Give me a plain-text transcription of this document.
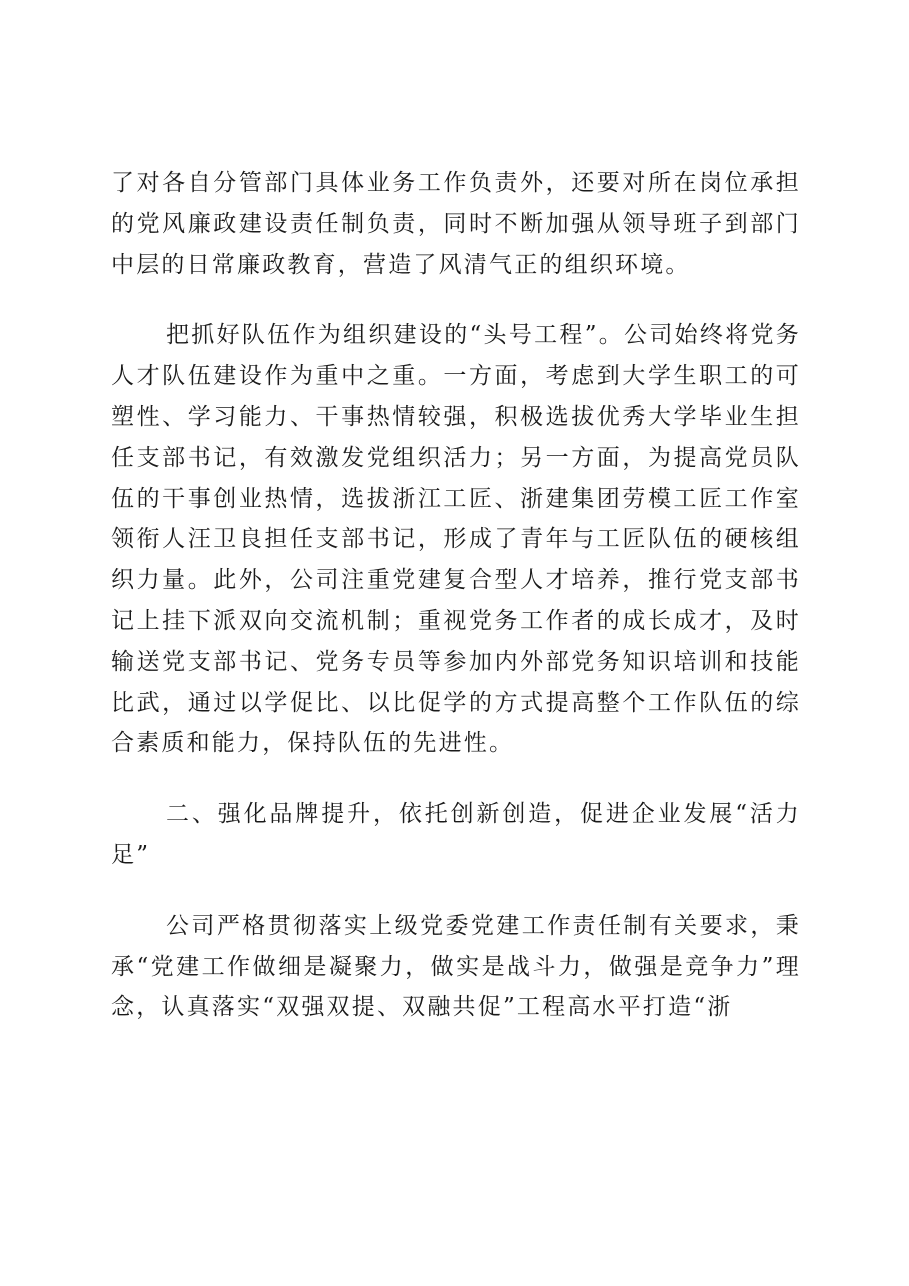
了对各自分管部门具体业务工作负责外，还要对所在岗位承担的党风廉政建设责任制负责，同时不断加强从领导班子到部门中层的日常廉政教育，营造了风清气正的组织环境。

把抓好队伍作为组织建设的“头号工程”。公司始终将党务人才队伍建设作为重中之重。一方面，考虑到大学生职工的可塑性、学习能力、干事热情较强，积极选拔优秀大学毕业生担任支部书记，有效激发党组织活力；另一方面，为提高党员队伍的干事创业热情，选拔浙江工匠、浙建集团劳模工匠工作室领衔人汪卫良担任支部书记，形成了青年与工匠队伍的硬核组织力量。此外，公司注重党建复合型人才培养，推行党支部书记上挂下派双向交流机制；重视党务工作者的成长成才，及时输送党支部书记、党务专员等参加内外部党务知识培训和技能比武，通过以学促比、以比促学的方式提高整个工作队伍的综合素质和能力，保持队伍的先进性。

二、强化品牌提升，依托创新创造，促进企业发展“活力足”

公司严格贯彻落实上级党委党建工作责任制有关要求，秉承“党建工作做细是凝聚力，做实是战斗力，做强是竞争力”理念，认真落实“双强双提、双融共促”工程高水平打造“浙
